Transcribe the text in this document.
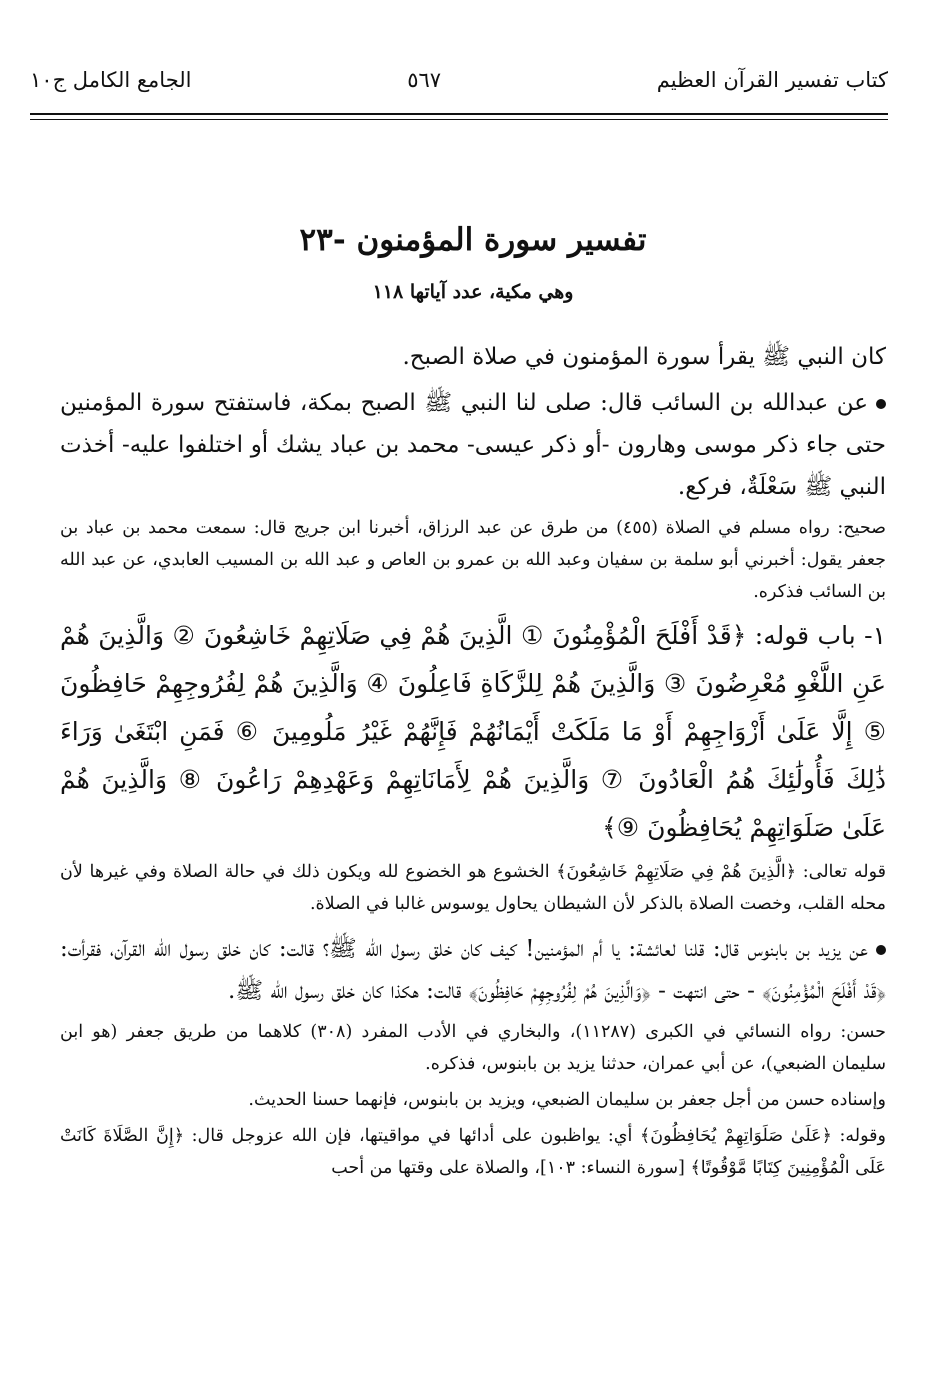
كتاب تفسير القرآن العظيم
٥٦٧
الجامع الكامل ج١٠
تفسير سورة المؤمنون -٢٣
وهي مكية، عدد آياتها ١١٨

كان النبي ﷺ يقرأ سورة المؤمنون في صلاة الصبح.

عن عبدالله بن السائب قال: صلى لنا النبي ﷺ الصبح بمكة، فاستفتح سورة المؤمنين حتى جاء ذكر موسى وهارون -أو ذكر عيسى- محمد بن عباد يشك أو اختلفوا عليه- أخذت النبي ﷺ سَعْلَةٌ، فركع.

صحيح: رواه مسلم في الصلاة (٤٥٥) من طرق عن عبد الرزاق، أخبرنا ابن جريج قال: سمعت محمد بن عباد بن جعفر يقول: أخبرني أبو سلمة بن سفيان وعبد الله بن عمرو بن العاص و عبد الله بن المسيب العابدي، عن عبد الله بن السائب فذكره.

١- باب قوله: ﴿قَدْ أَفْلَحَ الْمُؤْمِنُونَ ① الَّذِينَ هُمْ فِي صَلَاتِهِمْ خَاشِعُونَ ② وَالَّذِينَ هُمْ عَنِ اللَّغْوِ مُعْرِضُونَ ③ وَالَّذِينَ هُمْ لِلزَّكَاةِ فَاعِلُونَ ④ وَالَّذِينَ هُمْ لِفُرُوجِهِمْ حَافِظُونَ ⑤ إِلَّا عَلَىٰ أَزْوَاجِهِمْ أَوْ مَا مَلَكَتْ أَيْمَانُهُمْ فَإِنَّهُمْ غَيْرُ مَلُومِينَ ⑥ فَمَنِ ابْتَغَىٰ وَرَاءَ ذَٰلِكَ فَأُولَٰئِكَ هُمُ الْعَادُونَ ⑦ وَالَّذِينَ هُمْ لِأَمَانَاتِهِمْ وَعَهْدِهِمْ رَاعُونَ ⑧ وَالَّذِينَ هُمْ عَلَىٰ صَلَوَاتِهِمْ يُحَافِظُونَ ⑨﴾

قوله تعالى: ﴿الَّذِينَ هُمْ فِي صَلَاتِهِمْ خَاشِعُونَ﴾ الخشوع هو الخضوع لله ويكون ذلك في حالة الصلاة وفي غيرها لأن محله القلب، وخصت الصلاة بالذكر لأن الشيطان يحاول يوسوس غالبا في الصلاة.

عن يزيد بن بابنوس قال: قلنا لعائشة: يا أم المؤمنين! كيف كان خلق رسول الله ﷺ؟ قالت: كان خلق رسول الله القرآن، فقرأت: ﴿قَدْ أَفْلَحَ الْمُؤْمِنُونَ﴾ - حتى انتهت - ﴿وَالَّذِينَ هُمْ لِفُرُوجِهِمْ حَافِظُونَ﴾ قالت: هكذا كان خلق رسول الله ﷺ.

حسن: رواه النسائي في الكبرى (١١٢٨٧)، والبخاري في الأدب المفرد (٣٠٨) كلاهما من طريق جعفر (هو ابن سليمان الضبعي)، عن أبي عمران، حدثنا يزيد بن بابنوس، فذكره.

وإسناده حسن من أجل جعفر بن سليمان الضبعي، ويزيد بن بابنوس، فإنهما حسنا الحديث.

وقوله: ﴿عَلَىٰ صَلَوَاتِهِمْ يُحَافِظُونَ﴾ أي: يواظبون على أدائها في مواقيتها، فإن الله عزوجل قال: ﴿إِنَّ الصَّلَاةَ كَانَتْ عَلَى الْمُؤْمِنِينَ كِتَابًا مَّوْقُوتًا﴾ [سورة النساء: ١٠٣]، والصلاة على وقتها من أحب
